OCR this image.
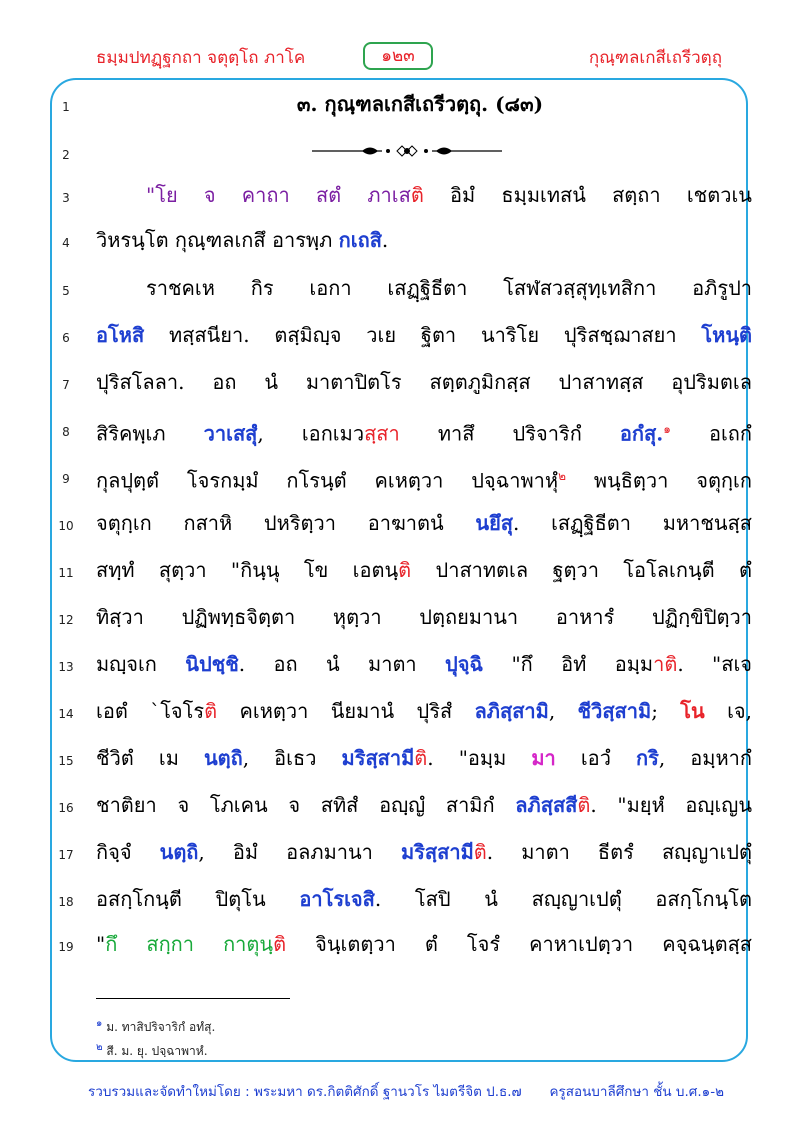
ธมฺมปทฏฺฐกถา จตุตฺโถ ภาโค	๑๒๓	กุณฺฑลเกสีเถรีวตฺถุ
1	๓. กุณฺฑลเกสีเถรีวตฺถุ. (๘๓)
2
3	"โย จ คาถา สตํ ภาเสติ อิมํ ธมฺมเทสนํ สตฺถา เชตวเน
4	วิหรนฺโต กุณฺฑลเกสึ อารพฺภ กเถสิ.
5	ราชคเห กิร เอกา เสฏฺฐิธีตา โสฬสวสฺสุทฺเทสิกา อภิรูปา
6	อโหสิ ทสฺสนียา. ตสฺมิญฺจ วเย ฐิตา นาริโย ปุริสชฺฌาสยา โหนฺติ
7	ปุริสโลลา. อถ นํ มาตาปิตโร สตฺตภูมิกสฺส ปาสาทสฺส อุปริมตเล
8	สิริคพฺเภ วาเสสุํ, เอกเมวสฺสา ทาสึ ปริจาริกํ อกํสุ.$^๑$ อเถกํ
9	กุลปุตฺตํ โจรกมฺมํ กโรนฺตํ คเหตฺวา ปจฺฉาพาหุํ$^๒$ พนฺธิตฺวา จตุกฺเก
10 จตุกฺเก กสาหิ ปหริตฺวา อาฆาตนํ นยึสุ. เสฏฺฐิธีตา มหาชนสฺส
11 สทฺทํ สุตฺวา "กินฺนุ โข เอตนฺติ ปาสาทตเล ฐตฺวา โอโลเกนฺตี ตํ
12 ทิสฺวา ปฏิพทฺธจิตฺตา หุตฺวา ปตฺถยมานา อาหารํ ปฏิกฺขิปิตฺวา
13 มญฺจเก นิปชฺชิ. อถ นํ มาตา ปุจฺฉิ "กึ อิทํ อมฺมาติ. "สเจ
14 เอตํ `โจโรติ คเหตฺวา นียมานํ ปุริสํ ลภิสฺสามิ, ชีวิสฺสามิ; โน เจ,
15 ชีวิตํ เม นตฺถิ, อิเธว มริสฺสามีติ. "อมฺม มา เอวํ กริ, อมฺหากํ
16 ชาติยา จ โภเคน จ สทิสํ อญฺญํ สามิกํ ลภิสฺสสีติ. "มยฺหํ อญฺเญน
17 กิจฺจํ นตฺถิ, อิมํ อลภมานา มริสฺสามีติ. มาตา ธีตรํ สญฺญาเปตุํ
18 อสกฺโกนฺตี ปิตุโน อาโรเจสิ. โสปิ นํ สญฺญาเปตุํ อสกฺโกนฺโต
19 "กึ สกฺกา กาตุนฺติ จินฺเตตฺวา ตํ โจรํ คาหาเปตฺวา คจฺฉนฺตสฺส
$^๑$ ม. ทาสิปริจาริกํ อทํสุ.
$^๒$ สี. ม. ยุ. ปจฺฉาพาหํ.
รวบรวมและจัดทำใหม่โดย : พระมหา ดร.กิตติศักดิ์ ฐานวโร ไมตรีจิต ป.ธ.๗ ครูสอนบาลีศึกษา ชั้น บ.ศ.๑-๒
